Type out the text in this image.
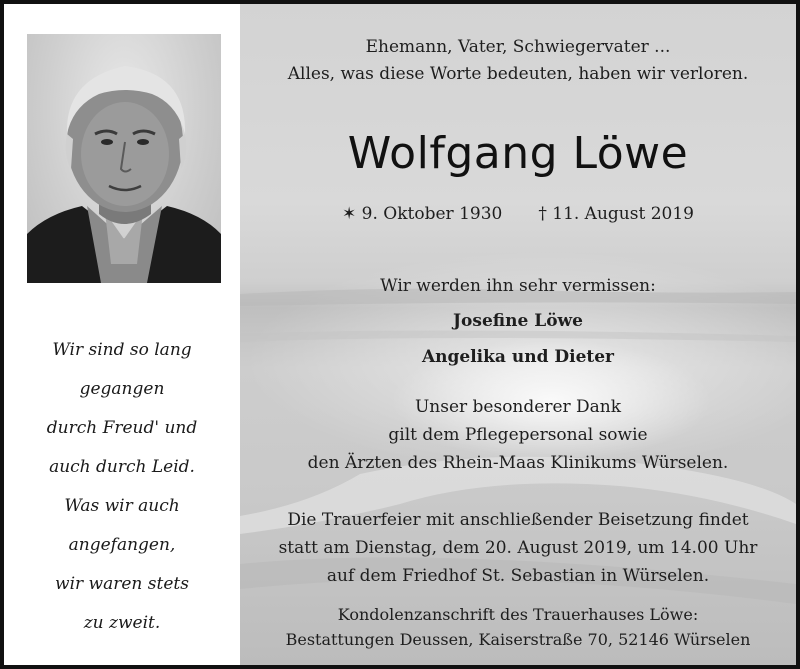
Wir sind so lang
gegangen
durch Freud' und
auch durch Leid.
Was wir auch
angefangen,
wir waren stets
zu zweit.
Ehemann, Vater, Schwiegervater ...
Alles, was diese Worte bedeuten, haben wir verloren.
Wolfgang Löwe
✶ 9. Oktober 1930 † 11. August 2019
Wir werden ihn sehr vermissen:
Josefine Löwe
Angelika und Dieter
Unser besonderer Dank
gilt dem Pflegepersonal sowie
den Ärzten des Rhein-Maas Klinikums Würselen.
Die Trauerfeier mit anschließender Beisetzung findet
statt am Dienstag, dem 20. August 2019, um 14.00 Uhr
auf dem Friedhof St. Sebastian in Würselen.
Kondolenzanschrift des Trauerhauses Löwe:
Bestattungen Deussen, Kaiserstraße 70, 52146 Würselen
